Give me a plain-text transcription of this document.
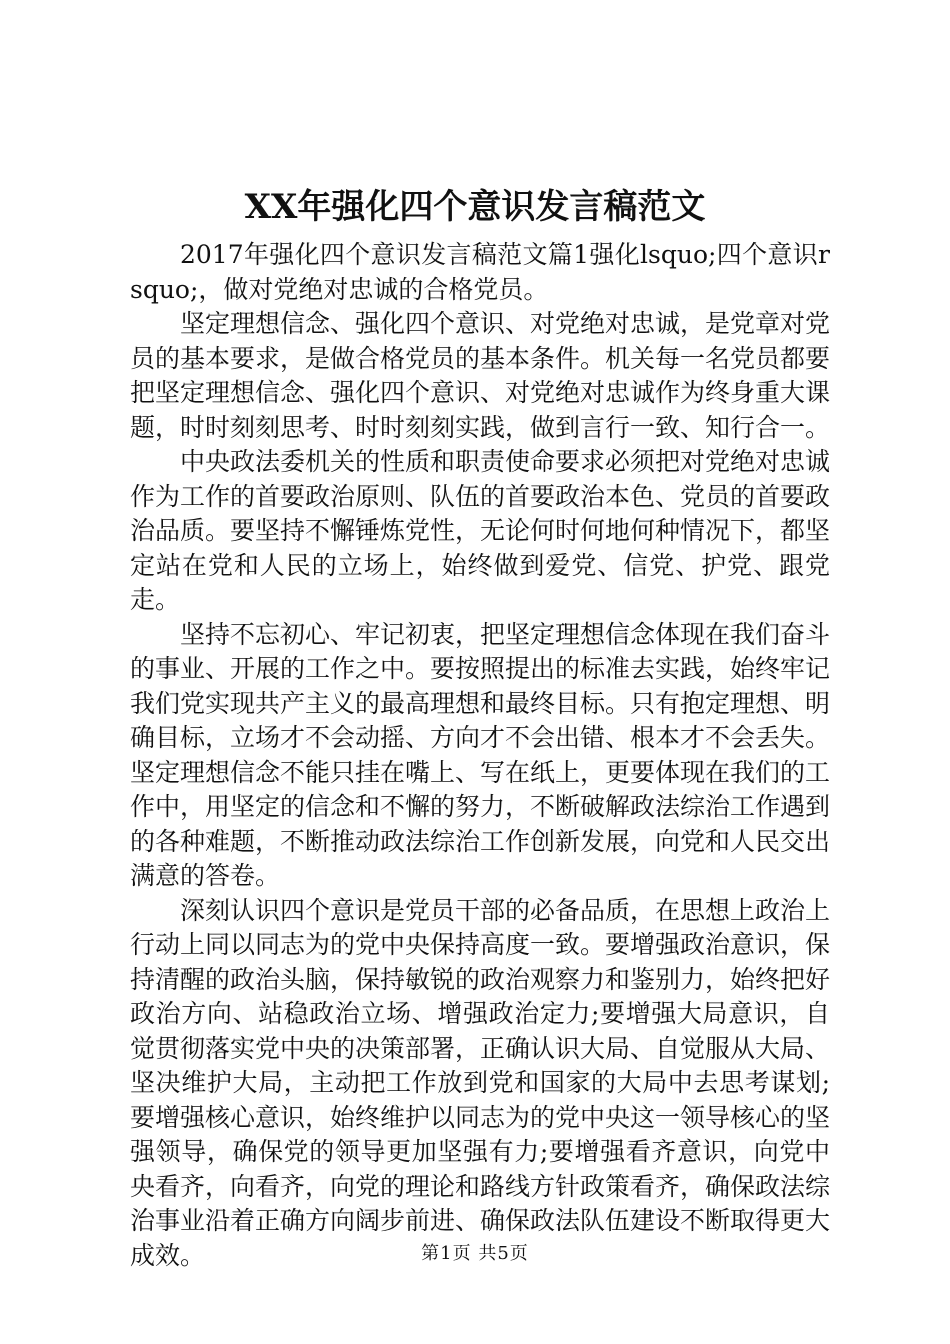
XX年强化四个意识发言稿范文

2017年强化四个意识发言稿范文篇1强化lsquo;四个意识rsquo;，做对党绝对忠诚的合格党员。

坚定理想信念、强化四个意识、对党绝对忠诚，是党章对党员的基本要求，是做合格党员的基本条件。机关每一名党员都要把坚定理想信念、强化四个意识、对党绝对忠诚作为终身重大课题，时时刻刻思考、时时刻刻实践，做到言行一致、知行合一。

中央政法委机关的性质和职责使命要求必须把对党绝对忠诚作为工作的首要政治原则、队伍的首要政治本色、党员的首要政治品质。要坚持不懈锤炼党性，无论何时何地何种情况下，都坚定站在党和人民的立场上，始终做到爱党、信党、护党、跟党走。

坚持不忘初心、牢记初衷，把坚定理想信念体现在我们奋斗的事业、开展的工作之中。要按照提出的标准去实践，始终牢记我们党实现共产主义的最高理想和最终目标。只有抱定理想、明确目标，立场才不会动摇、方向才不会出错、根本才不会丢失。坚定理想信念不能只挂在嘴上、写在纸上，更要体现在我们的工作中，用坚定的信念和不懈的努力，不断破解政法综治工作遇到的各种难题，不断推动政法综治工作创新发展，向党和人民交出满意的答卷。

深刻认识四个意识是党员干部的必备品质，在思想上政治上行动上同以同志为的党中央保持高度一致。要增强政治意识，保持清醒的政治头脑，保持敏锐的政治观察力和鉴别力，始终把好政治方向、站稳政治立场、增强政治定力;要增强大局意识，自觉贯彻落实党中央的决策部署，正确认识大局、自觉服从大局、坚决维护大局，主动把工作放到党和国家的大局中去思考谋划;要增强核心意识，始终维护以同志为的党中央这一领导核心的坚强领导，确保党的领导更加坚强有力;要增强看齐意识，向党中央看齐，向看齐，向党的理论和路线方针政策看齐，确保政法综治事业沿着正确方向阔步前进、确保政法队伍建设不断取得更大成效。	第1页 共5页
